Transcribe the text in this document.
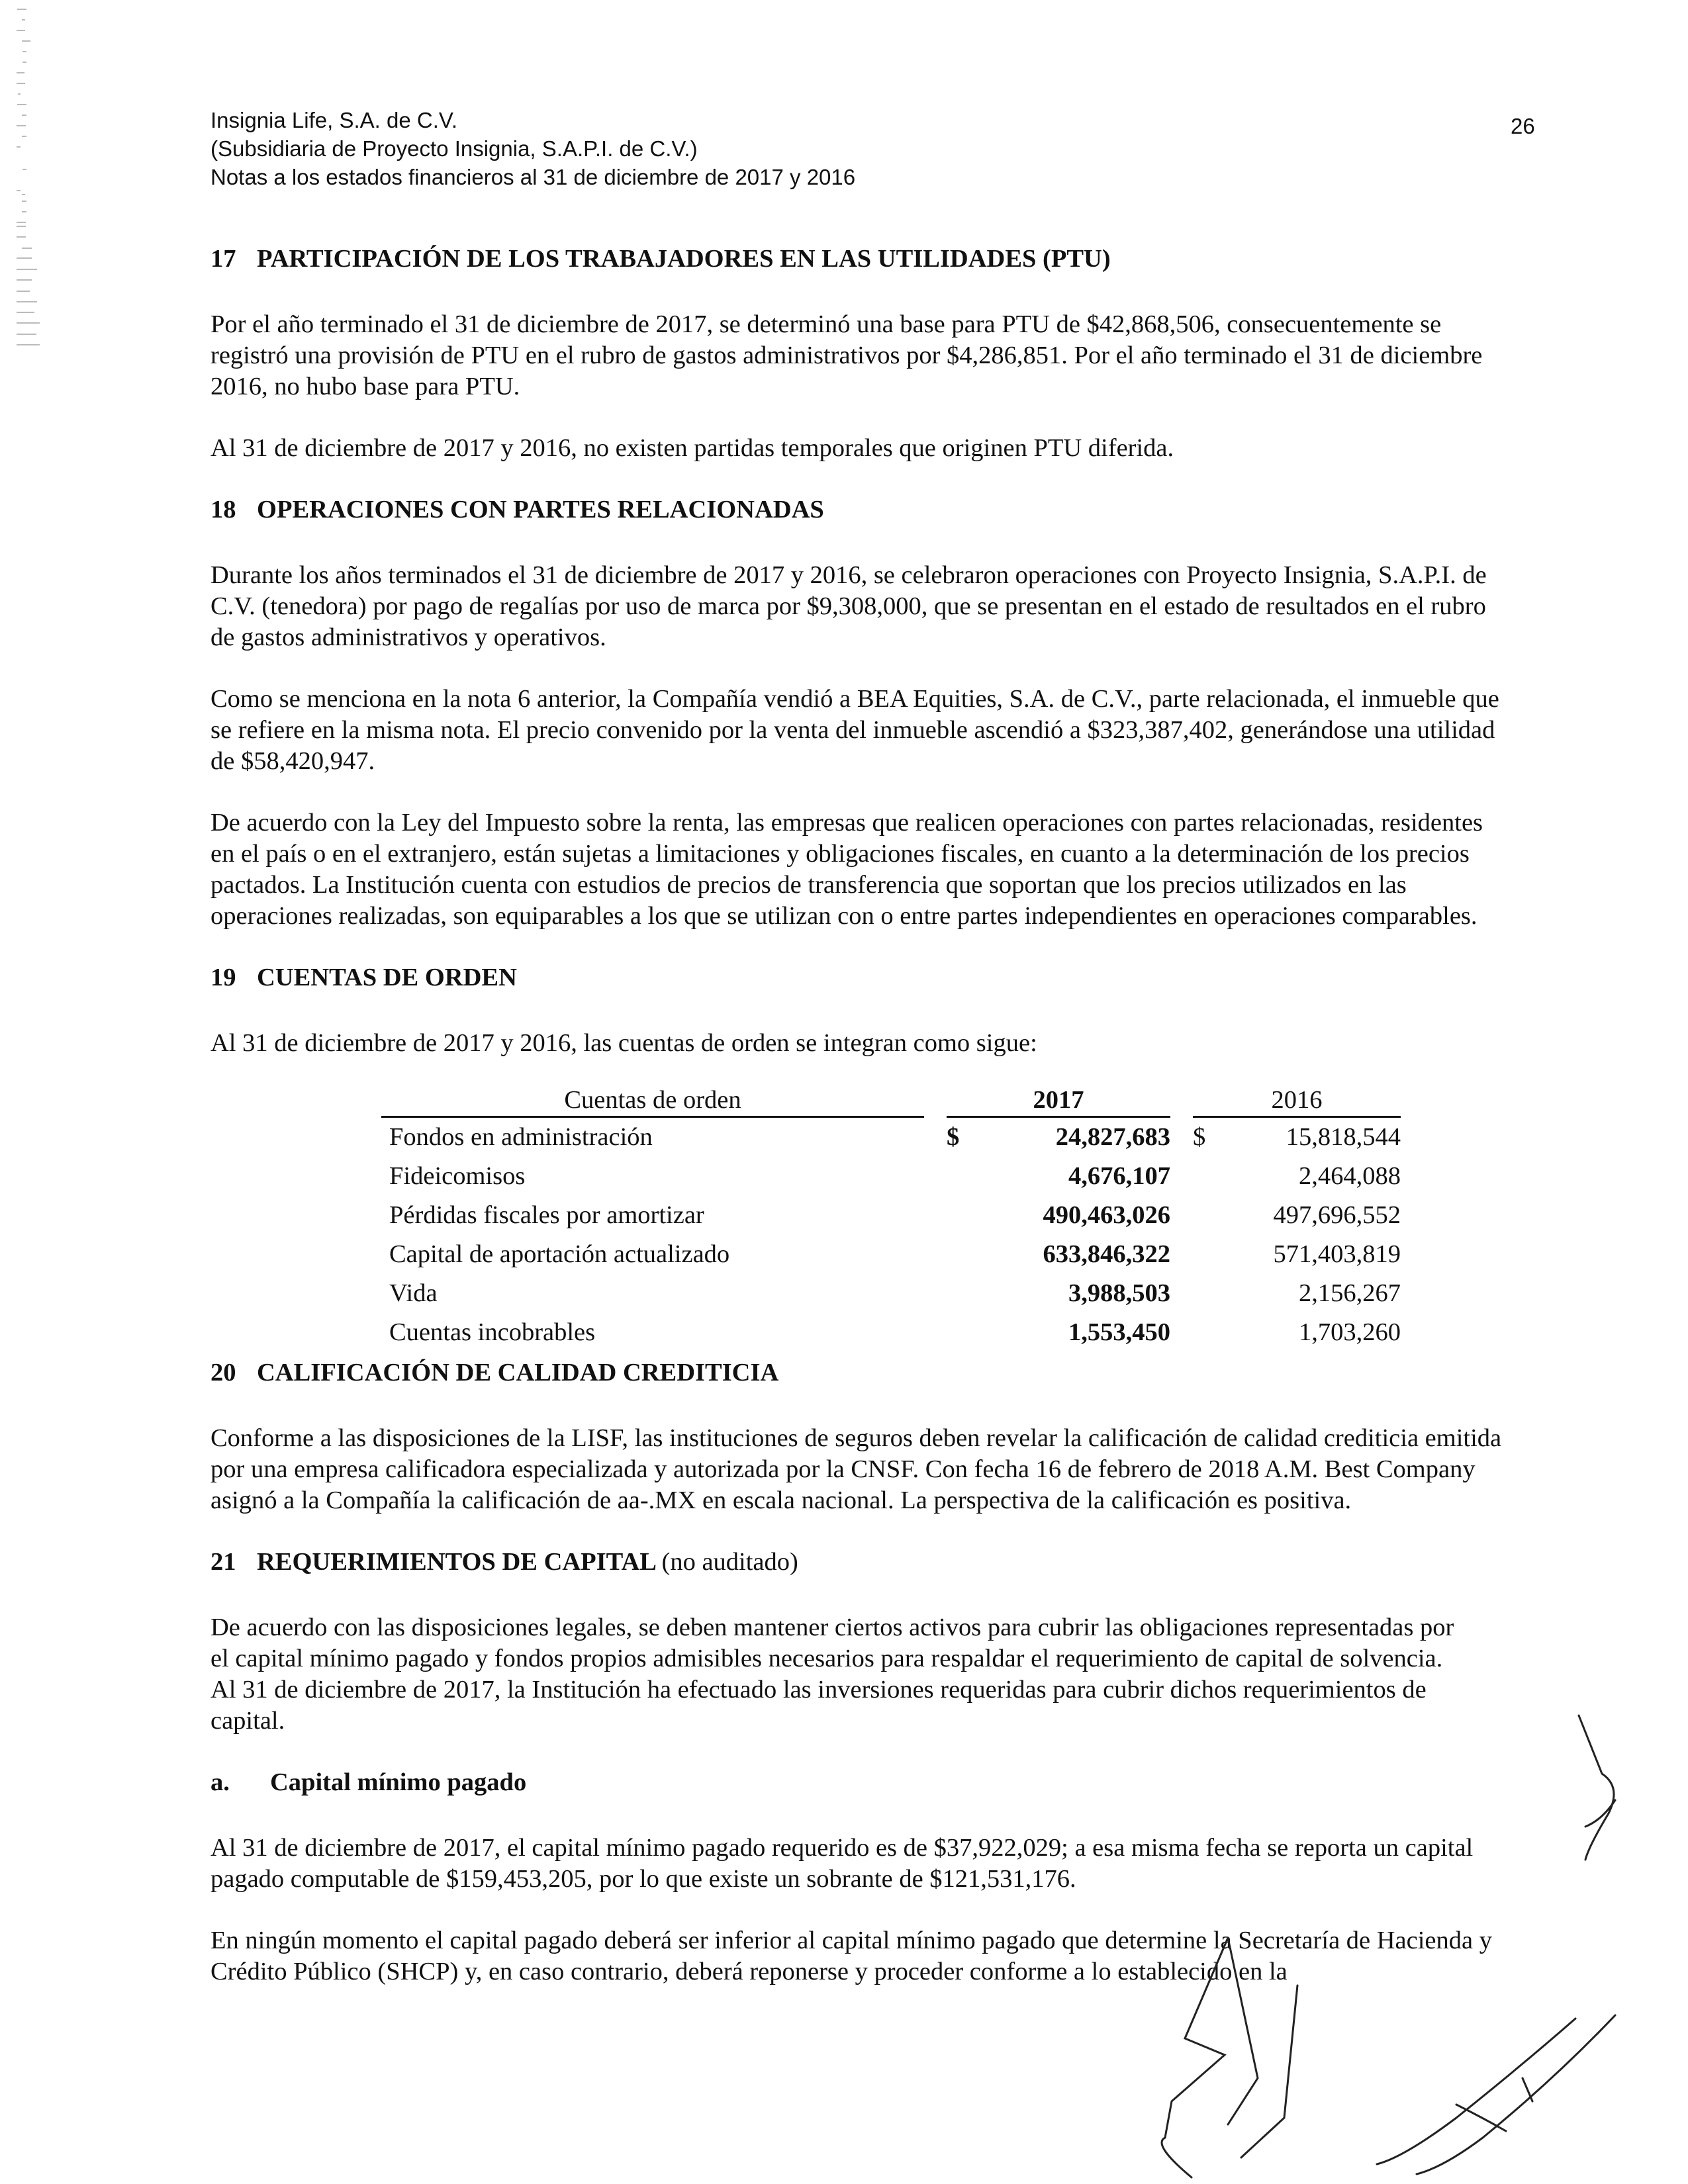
Insignia Life, S.A. de C.V.
(Subsidiaria de Proyecto Insignia, S.A.P.I. de C.V.)
Notas a los estados financieros al 31 de diciembre de 2017 y 2016
26
17 PARTICIPACIÓN DE LOS TRABAJADORES EN LAS UTILIDADES (PTU)

Por el año terminado el 31 de diciembre de 2017, se determinó una base para PTU de $42,868,506, consecuentemente se registró una provisión de PTU en el rubro de gastos administrativos por $4,286,851. Por el año terminado el 31 de diciembre 2016, no hubo base para PTU.

Al 31 de diciembre de 2017 y 2016, no existen partidas temporales que originen PTU diferida.

18 OPERACIONES CON PARTES RELACIONADAS

Durante los años terminados el 31 de diciembre de 2017 y 2016, se celebraron operaciones con Proyecto Insignia, S.A.P.I. de C.V. (tenedora) por pago de regalías por uso de marca por $9,308,000, que se presentan en el estado de resultados en el rubro de gastos administrativos y operativos.

Como se menciona en la nota 6 anterior, la Compañía vendió a BEA Equities, S.A. de C.V., parte relacionada, el inmueble que se refiere en la misma nota. El precio convenido por la venta del inmueble ascendió a $323,387,402, generándose una utilidad de $58,420,947.

De acuerdo con la Ley del Impuesto sobre la renta, las empresas que realicen operaciones con partes relacionadas, residentes en el país o en el extranjero, están sujetas a limitaciones y obligaciones fiscales, en cuanto a la determinación de los precios pactados. La Institución cuenta con estudios de precios de transferencia que soportan que los precios utilizados en las operaciones realizadas, son equiparables a los que se utilizan con o entre partes independientes en operaciones comparables.

19 CUENTAS DE ORDEN

Al 31 de diciembre de 2017 y 2016, las cuentas de orden se integran como sigue:

Cuentas de orden		2017			2016	
Fondos en administración		$	24,827,683		$	15,818,544
Fideicomisos			4,676,107			2,464,088
Pérdidas fiscales por amortizar			490,463,026			497,696,552
Capital de aportación actualizado			633,846,322			571,403,819
Vida			3,988,503			2,156,267
Cuentas incobrables			1,553,450			1,703,260
20 CALIFICACIÓN DE CALIDAD CREDITICIA

Conforme a las disposiciones de la LISF, las instituciones de seguros deben revelar la calificación de calidad crediticia emitida por una empresa calificadora especializada y autorizada por la CNSF. Con fecha 16 de febrero de 2018 A.M. Best Company asignó a la Compañía la calificación de aa-.MX en escala nacional. La perspectiva de la calificación es positiva.

21 REQUERIMIENTOS DE CAPITAL (no auditado)

De acuerdo con las disposiciones legales, se deben mantener ciertos activos para cubrir las obligaciones representadas por el capital mínimo pagado y fondos propios admisibles necesarios para respaldar el requerimiento de capital de solvencia. Al 31 de diciembre de 2017, la Institución ha efectuado las inversiones requeridas para cubrir dichos requerimientos de capital.

a. Capital mínimo pagado

Al 31 de diciembre de 2017, el capital mínimo pagado requerido es de $37,922,029; a esa misma fecha se reporta un capital pagado computable de $159,453,205, por lo que existe un sobrante de $121,531,176.

En ningún momento el capital pagado deberá ser inferior al capital mínimo pagado que determine la Secretaría de Hacienda y Crédito Público (SHCP) y, en caso contrario, deberá reponerse y proceder conforme a lo establecido en la
